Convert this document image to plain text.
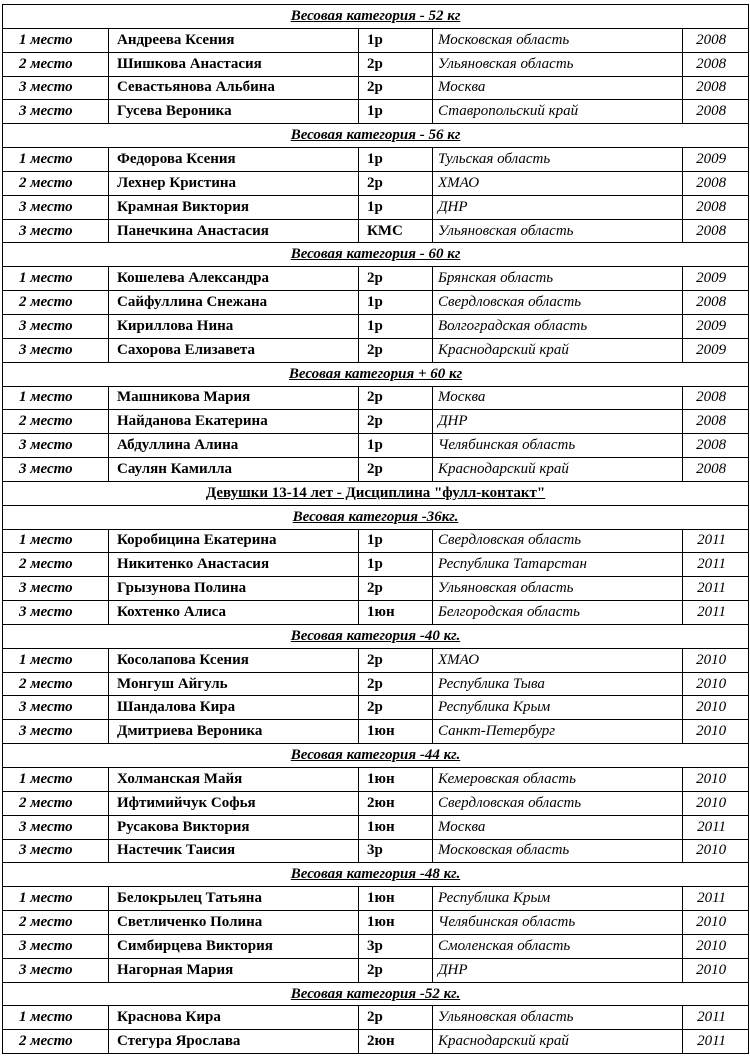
Весовая категория - 52 кг				
1 место	Андреева Ксения	1р	Московская область	2008
2 место	Шишкова Анастасия	2р	Ульяновская область	2008
3 место	Севастьянова Альбина	2р	Москва	2008
3 место	Гусева Вероника	1р	Ставропольский край	2008
Весовая категория - 56 кг				
1 место	Федорова Ксения	1р	Тульская область	2009
2 место	Лехнер Кристина	2р	ХМАО	2008
3 место	Крамная Виктория	1р	ДНР	2008
3 место	Панечкина Анастасия	КМС	Ульяновская область	2008
Весовая категория - 60 кг				
1 место	Кошелева Александра	2р	Брянская область	2009
2 место	Сайфуллина Снежана	1р	Свердловская область	2008
3 место	Кириллова Нина	1р	Волгоградская область	2009
3 место	Сахорова Елизавета	2р	Краснодарский край	2009
Весовая категория + 60 кг				
1 место	Машникова Мария	2р	Москва	2008
2 место	Найданова Екатерина	2р	ДНР	2008
3 место	Абдуллина Алина	1р	Челябинская область	2008
3 место	Саулян Камилла	2р	Краснодарский край	2008
Девушки 13-14 лет - Дисциплина "фулл-контакт"				
Весовая категория -36кг.				
1 место	Коробицина Екатерина	1р	Свердловская область	2011
2 место	Никитенко Анастасия	1р	Республика Татарстан	2011
3 место	Грызунова Полина	2р	Ульяновская область	2011
3 место	Кохтенко Алиса	1юн	Белгородская область	2011
Весовая категория -40 кг.				
1 место	Косолапова Ксения	2р	ХМАО	2010
2 место	Монгуш Айгуль	2р	Республика Тыва	2010
3 место	Шандалова Кира	2р	Республика Крым	2010
3 место	Дмитриева Вероника	1юн	Санкт-Петербург	2010
Весовая категория -44 кг.				
1 место	Холманская Майя	1юн	Кемеровская область	2010
2 место	Ифтимийчук Софья	2юн	Свердловская область	2010
3 место	Русакова Виктория	1юн	Москва	2011
3 место	Настечик Таисия	3р	Московская область	2010
Весовая категория -48 кг.				
1 место	Белокрылец Татьяна	1юн	Республика Крым	2011
2 место	Светличенко Полина	1юн	Челябинская область	2010
3 место	Симбирцева Виктория	3р	Смоленская область	2010
3 место	Нагорная Мария	2р	ДНР	2010
Весовая категория -52 кг.				
1 место	Краснова Кира	2р	Ульяновская область	2011
2 место	Стегура Ярослава	2юн	Краснодарский край	2011
